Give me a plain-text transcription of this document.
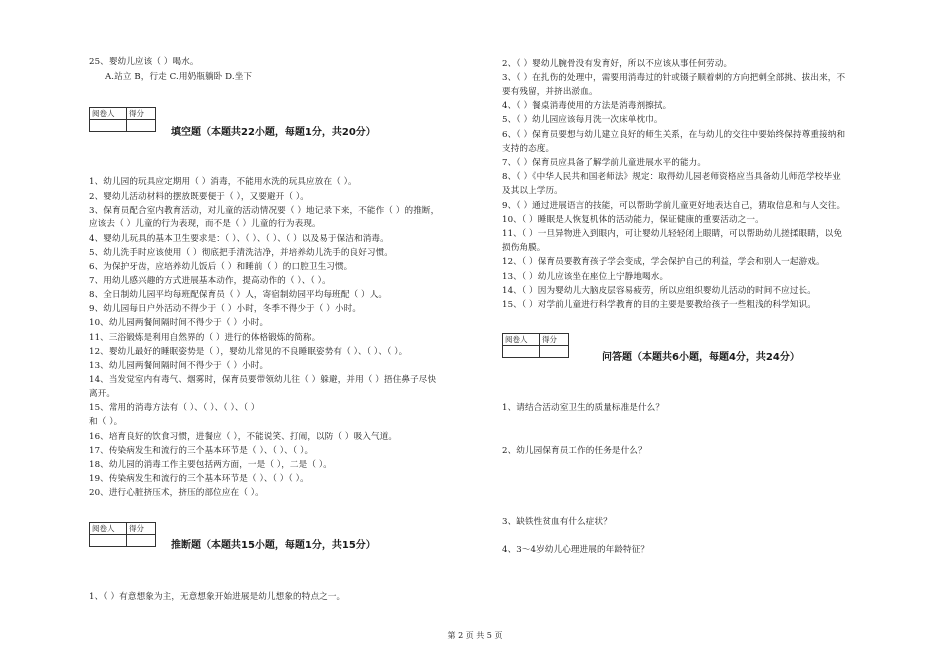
25、婴幼儿应该（ ）喝水。
A.站立 B，行走 C.用奶瓶躺卧 D.坐下
阅卷人	得分

填空题（本题共22小题，每题1分，共20分）
1、幼儿园的玩具应定期用（ ）消毒，不能用水洗的玩具应放在（ ）。
2、婴幼儿活动材料的摆放既要便于（ ），又要避开（ ）。
3、保育员配合室内教育活动，对儿童的活动情况要（ ）地记录下来，不能作（ ）的推断，
应该去（ ）儿童的行为表现，而不是（ ）儿童的行为表现。
4、婴幼儿玩具的基本卫生要求是：（ ）、（ ）、（ ）、（ ）以及易于保洁和消毒。
5、幼儿洗手时应该使用（ ）彻底把手清洗洁净，并培养幼儿洗手的良好习惯。
6、为保护牙齿，应培养幼儿饭后（ ）和睡前（ ）的口腔卫生习惯。
7、用幼儿感兴趣的方式进展基本动作，提高动作的（ ）、（ ）。
8、全日制幼儿园平均每班配保育员（ ）人，寄宿制幼园平均每班配（ ）人。
9、幼儿园每日户外活动不得少于（ ）小时，冬季不得少于（ ）小时。
10、幼儿园两餐间隔时间不得少于（ ）小时。
11、三浴锻炼是利用自然界的（ ）进行的体格锻炼的简称。
12、婴幼儿最好的睡眠姿势是（ ），婴幼儿常见的不良睡眠姿势有（ ）、（ ）、（ ）。
13、幼儿园两餐间隔时间不得少于（ ）小时。
14、当发觉室内有毒气、烟雾时，保育员要带领幼儿往（ ）躲避，并用（ ）捂住鼻子尽快
离开。
15、常用的消毒方法有（ ）、（ ）、（ ）、（ ）
和（ ）。
16、培育良好的饮食习惯，进餐应（ ），不能说笑、打闹，以防（ ）吸入气道。
17、传染病发生和流行的三个基本环节是（ ）、（ ）、（ ）。
18、幼儿园的消毒工作主要包括两方面，一是（ ），二是（ ）。
19、传染病发生和流行的三个基本环节是（ ）、（ ）（ ）。
20、进行心脏挤压术，挤压的部位应在（ ）。
阅卷人	得分

推断题（本题共15小题，每题1分，共15分）
1、（ ）有意想象为主，无意想象开始进展是幼儿想象的特点之一。
2、（ ）婴幼儿腕骨没有发育好，所以不应该从事任何劳动。
3、（ ）在扎伤的处理中，需要用消毒过的针或镊子顺着刺的方向把刺全部挑、拔出来，不
要有残留，并挤出淤血。
4、（ ）餐桌消毒使用的方法是消毒剂擦拭。
5、（ ）幼儿园应该每月洗一次床单枕巾。
6、（ ）保育员要想与幼儿建立良好的师生关系，在与幼儿的交往中要始终保持尊重接纳和
支持的态度。
7、（ ）保育员应具备了解学前儿童进展水平的能力。
8、（ ）《中华人民共和国老师法》规定：取得幼儿园老师资格应当具备幼儿师范学校毕业
及其以上学历。
9、（ ）通过进展语言的技能，可以帮助学前儿童更好地表达自己，猜取信息和与人交往。
10、（ ）睡眠是人恢复机体的活动能力，保证健康的重要活动之一。
11、（ ）一旦异物进入到眼内，可让婴幼儿轻轻闭上眼睛，可以帮助幼儿搓揉眼睛，以免
损伤角膜。
12、（ ）保育员要教育孩子学会变成，学会保护自己的利益，学会和别人一起游戏。
13、（ ）幼儿应该坐在座位上宁静地喝水。
14、（ ）因为婴幼儿大脑皮层容易疲劳，所以应组织婴幼儿活动的时间不应过长。
15、（ ）对学前儿童进行科学教育的目的主要是要教给孩子一些粗浅的科学知识。
阅卷人	得分

问答题（本题共6小题，每题4分，共24分）
1、请结合活动室卫生的质量标准是什么？
2、幼儿园保育员工作的任务是什么？
3、缺铁性贫血有什么症状？
4、3～4岁幼儿心理进展的年龄特征？
第 2 页 共 5 页
